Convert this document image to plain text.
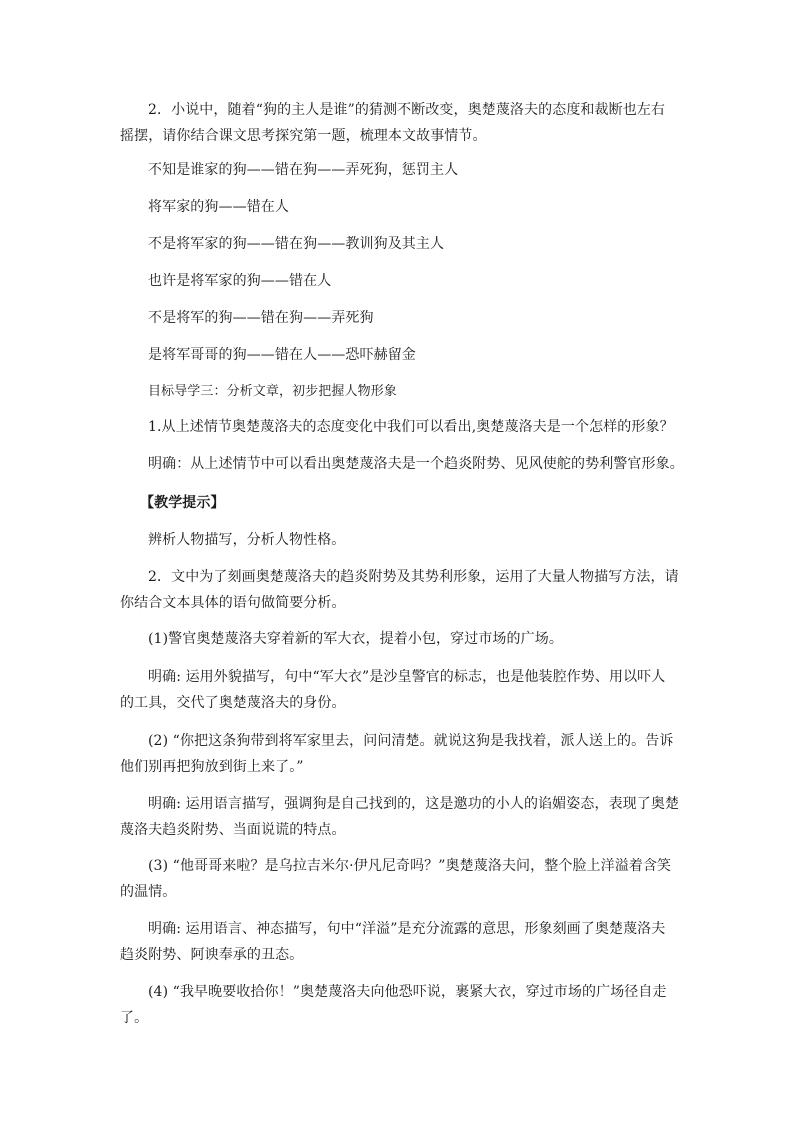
2．小说中，随着“狗的主人是谁”的猜测不断改变，奥楚蔑洛夫的态度和裁断也左右
摇摆，请你结合课文思考探究第一题，梳理本文故事情节。
不知是谁家的狗——错在狗——弄死狗，惩罚主人
将军家的狗——错在人
不是将军家的狗——错在狗——教训狗及其主人
也许是将军家的狗——错在人
不是将军的狗——错在狗——弄死狗
是将军哥哥的狗——错在人——恐吓赫留金
目标导学三：分析文章，初步把握人物形象
1.从上述情节奥楚蔑洛夫的态度变化中我们可以看出,奥楚蔑洛夫是一个怎样的形象？
明确：从上述情节中可以看出奥楚蔑洛夫是一个趋炎附势、见风使舵的势利警官形象。
【教学提示】
辨析人物描写，分析人物性格。
2．文中为了刻画奥楚蔑洛夫的趋炎附势及其势利形象，运用了大量人物描写方法，请
你结合文本具体的语句做简要分析。
(1)警官奥楚蔑洛夫穿着新的军大衣，提着小包，穿过市场的广场。
明确: 运用外貌描写，句中“军大衣”是沙皇警官的标志，也是他装腔作势、用以吓人
的工具，交代了奥楚蔑洛夫的身份。
(2) “你把这条狗带到将军家里去，问问清楚。就说这狗是我找着，派人送上的。告诉
他们别再把狗放到街上来了。”
明确: 运用语言描写，强调狗是自己找到的，这是邀功的小人的谄媚姿态，表现了奥楚
蔑洛夫趋炎附势、当面说谎的特点。
(3) “他哥哥来啦？是乌拉吉米尔·伊凡尼奇吗？”奥楚蔑洛夫问，整个脸上洋溢着含笑
的温情。
明确: 运用语言、神态描写，句中“洋溢”是充分流露的意思，形象刻画了奥楚蔑洛夫
趋炎附势、阿谀奉承的丑态。
(4) “我早晚要收拾你！”奥楚蔑洛夫向他恐吓说，裹紧大衣，穿过市场的广场径自走
了。
